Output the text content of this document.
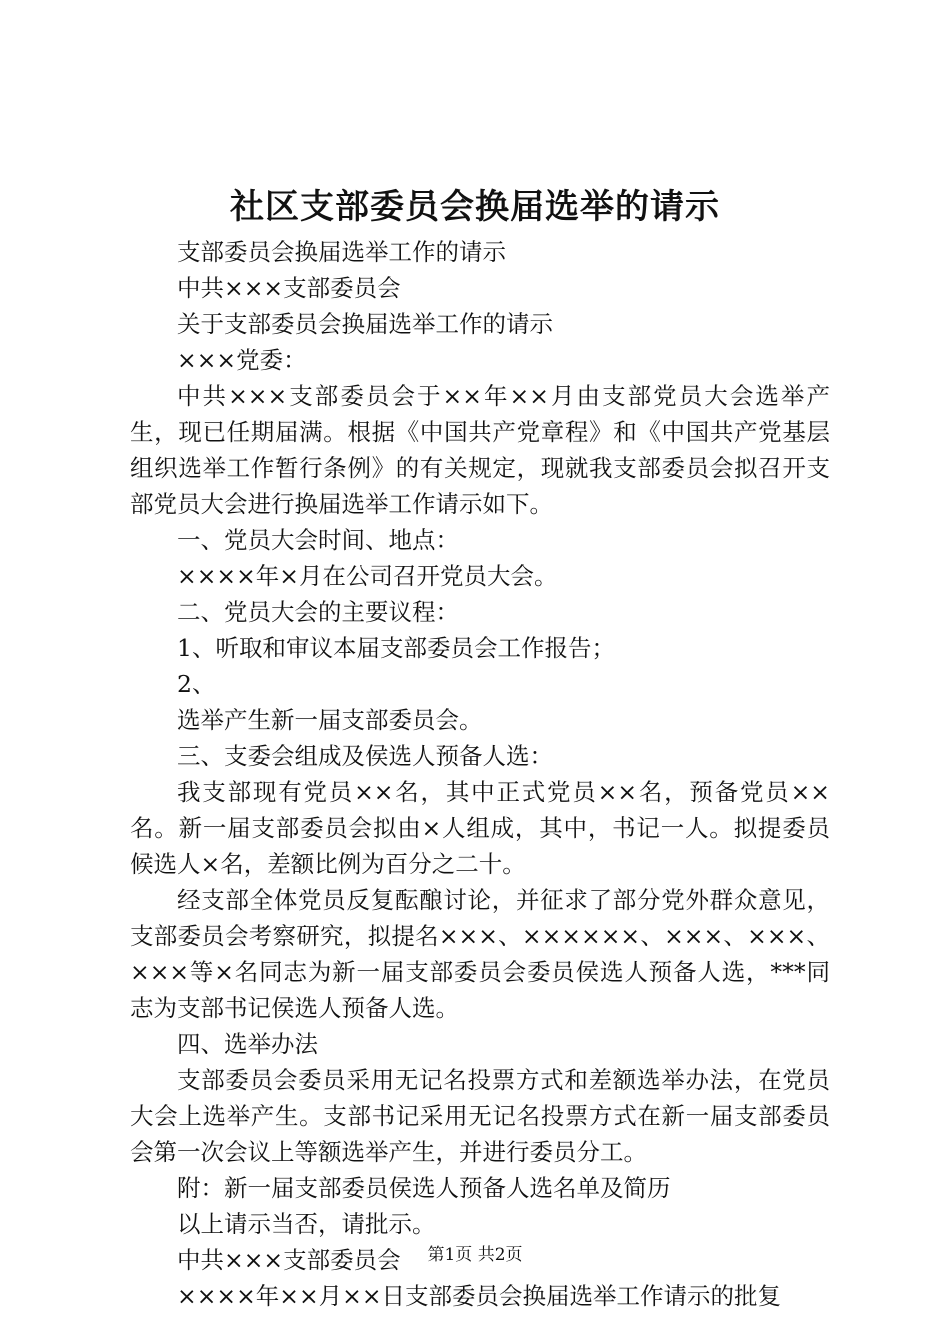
社区支部委员会换届选举的请示

支部委员会换届选举工作的请示

中共×××支部委员会

关于支部委员会换届选举工作的请示

×××党委：

中共×××支部委员会于××年××月由支部党员大会选举产生，现已任期届满。根据《中国共产党章程》和《中国共产党基层组织选举工作暂行条例》的有关规定，现就我支部委员会拟召开支部党员大会进行换届选举工作请示如下。

一、党员大会时间、地点：

××××年×月在公司召开党员大会。

二、党员大会的主要议程：

1、听取和审议本届支部委员会工作报告；

2、

选举产生新一届支部委员会。

三、支委会组成及侯选人预备人选：

我支部现有党员××名，其中正式党员××名，预备党员××名。新一届支部委员会拟由×人组成，其中，书记一人。拟提委员候选人×名，差额比例为百分之二十。

经支部全体党员反复酝酿讨论，并征求了部分党外群众意见，支部委员会考察研究，拟提名×××、××××××、×××、×××、×××等×名同志为新一届支部委员会委员侯选人预备人选，***同志为支部书记侯选人预备人选。

四、选举办法

支部委员会委员采用无记名投票方式和差额选举办法，在党员大会上选举产生。支部书记采用无记名投票方式在新一届支部委员会第一次会议上等额选举产生，并进行委员分工。

附：新一届支部委员侯选人预备人选名单及简历

以上请示当否，请批示。

中共×××支部委员会

××××年××月××日支部委员会换届选举工作请示的批复

第1页 共2页
